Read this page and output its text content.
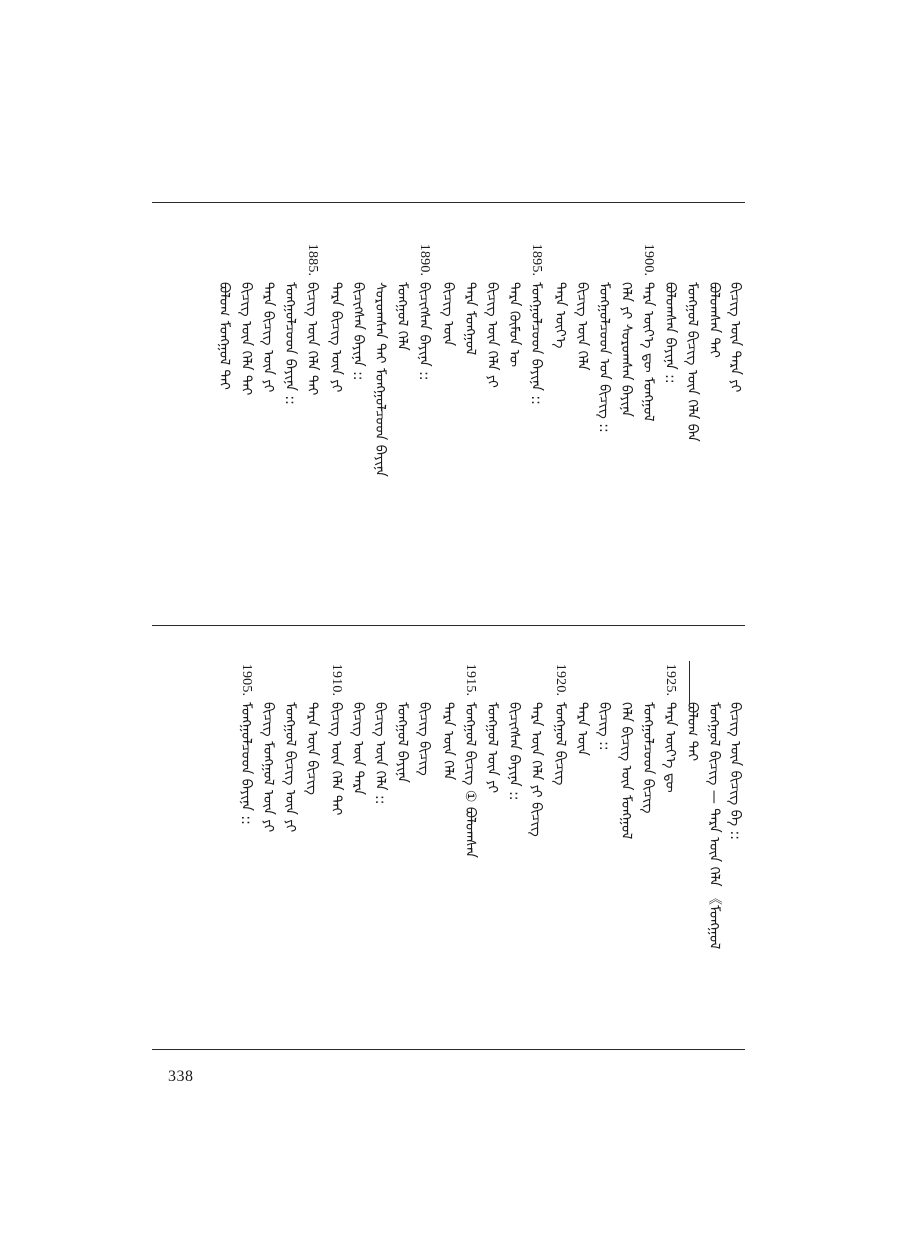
ᠪᠢᠴᠢᠭ᠌ ᠦᠨ ᠲᠡᠷᠡ ᠶᠢ
ᠪᠤᠯᠤᠭᠰᠠᠨ ᠲᠠᠶ
ᠮᠣᠩᠭᠣᠯ ᠪᠢᠴᠢᠭ ᠦᠨ ᠬᠡᠯᠡ ᠪᠡᠨ
ᠪᠤᠯᠤᠭᠰᠠᠨ ᠪᠠᠶᠢᠨᠠ ::
1900.
ᠲᠡᠷᠡ ᠦᠶ᠎ᠡ ᠳᠦ ᠮᠣᠩᠭᠣᠯ
ᠬᠡᠯᠡ ᠶᠢ ᠰᠤᠷᠤᠭᠰᠠᠨ ᠪᠠᠶᠢᠨᠠ
ᠮᠣᠩᠭᠣᠯᠴᠤᠳ ᠤᠨ ᠪᠢᠴᠢᠭ ::
ᠪᠢᠴᠢᠭ᠌ ᠦᠨ ᠬᠡᠯᠡ
ᠲᠡᠷᠡ ᠦᠶ᠎ᠡ
1895.
ᠮᠣᠩᠭᠣᠯᠴᠤᠳ ᠪᠠᠶᠢᠨᠠ ::
ᠲᠡᠷᠡ ᠬᠦᠮᠦᠨ ᠦ
ᠪᠢᠴᠢᠭ ᠦᠨ ᠬᠡᠯᠡ ᠶᠢ
ᠲᠡᠷᠡ ᠮᠣᠩᠭᠣᠯ
ᠪᠢᠴᠢᠭ᠌ ᠦᠨ
1890.
ᠪᠢᠴᠢᠭᠰᠡᠨ ᠪᠠᠶᠢᠨᠠ ::
ᠮᠣᠩᠭᠣᠯ ᠬᠡᠯᠡ
ᠰᠤᠷᠤᠭᠰᠠᠨ ᠲᠠᠶ ᠮᠣᠩᠭᠣᠯᠴᠤᠳ ᠪᠠᠶᠢᠨᠠ
ᠪᠢᠴᠢᠭᠰᠡᠨ ᠪᠠᠶᠢᠨᠠ ::
ᠲᠡᠷᠡ ᠪᠢᠴᠢᠭ ᠦᠨ ᠶᠢ
1885.
ᠪᠢᠴᠢᠭ ᠦᠨ ᠬᠡᠯᠡ ᠲᠠᠶ
ᠮᠣᠩᠭᠣᠯᠴᠤᠳ ᠪᠠᠶᠢᠨᠠ ::
ᠲᠡᠷᠡ ᠪᠢᠴᠢᠭ ᠦᠨ ᠶᠢ
ᠪᠢᠴᠢᠭ ᠦᠨ ᠬᠡᠯᠡ ᠲᠠᠶ
ᠪᠤᠯᠤᠭ ᠮᠣᠩᠭᠣᠯ ᠲᠠᠶ
ᠪᠢᠴᠢᠭ᠌ ᠦᠨ ᠪᠢᠴᠢᠭ ᠪᠠ ::
ᠮᠣᠩᠭᠣᠯ ᠪᠢᠴᠢᠭ — ᠲᠡᠷᠡ ᠦᠨ ᠬᠡᠯᠡ 《ᠮᠣᠩᠭᠣᠯ
ᠪᠤᠯᠤᠭ ᠲᠠᠶ
1925.
ᠲᠡᠷᠡ ᠦᠶ᠎ᠡ ᠳᠦ
ᠮᠣᠩᠭᠣᠯᠴᠤᠳ ᠪᠢᠴᠢᠭ
ᠬᠡᠯᠡ ᠪᠢᠴᠢᠭ ᠦᠨ ᠮᠣᠩᠭᠣᠯ
ᠪᠢᠴᠢᠭ ::
ᠲᠡᠷᠡ ᠦᠨ
1920.
ᠮᠣᠩᠭᠣᠯ ᠪᠢᠴᠢᠭ
ᠲᠡᠷᠡ ᠦᠨ ᠬᠡᠯᠡ ᠶᠢ ᠪᠢᠴᠢᠭ
ᠪᠢᠴᠢᠭᠰᠡᠨ ᠪᠠᠶᠢᠨᠠ ::
ᠮᠣᠩᠭᠣᠯ ᠦᠨ ᠶᠢ
1915.
ᠮᠣᠩᠭᠣᠯ ᠪᠢᠴᠢᠭ ① ᠪᠤᠯᠤᠭᠰᠠᠨ
ᠲᠡᠷᠡ ᠦᠨ ᠬᠡᠯᠡ
ᠪᠢᠴᠢᠭ ᠪᠢᠴᠢᠭ
ᠮᠣᠩᠭᠣᠯ ᠪᠠᠶᠢᠨᠠ
ᠪᠢᠴᠢᠭ ᠦᠨ ᠬᠡᠯᠡ ::
ᠪᠢᠴᠢᠭ ᠦᠨ ᠲᠡᠷᠡ
1910.
ᠪᠢᠴᠢᠭ ᠦᠨ ᠬᠡᠯᠡ ᠲᠠᠶ
ᠲᠡᠷᠡ ᠦᠨ ᠪᠢᠴᠢᠭ
ᠮᠣᠩᠭᠣᠯ ᠪᠢᠴᠢᠭ ᠦᠨ ᠶᠢ
ᠪᠢᠴᠢᠭ ᠮᠣᠩᠭᠣᠯ ᠦᠨ ᠶᠢ
1905.
ᠮᠣᠩᠭᠣᠯᠴᠤᠳ ᠪᠠᠶᠢᠨᠠ ::
338
